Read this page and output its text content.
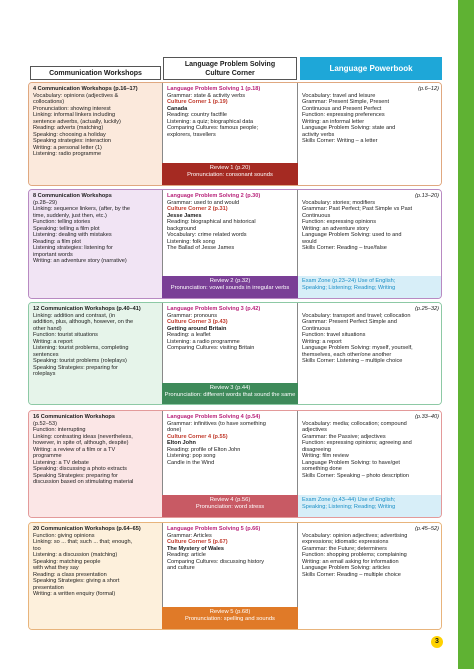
Communication Workshops
Language Problem Solving
Culture Corner
Language Powerbook
4 Communication Workshops (p.16–17)
Vocabulary: opinions (adjectives &
collocations)
Pronunciation: showing interest
Linking: informal linkers including
sentence adverbs, (actually, luckily)
Reading: adverts (matching)
Speaking: choosing a holiday
Speaking strategies: interaction
Writing: a personal letter (1)
Listening: radio programme
Language Problem Solving 1 (p.18)
Grammar: state & activity verbs
Culture Corner 1 (p.19)
Canada
Reading: country factfile
Listening: a quiz; biographical data
Comparing Cultures: famous people;
explorers, travellers
Review 1 (p.20)
Pronunciation: consonant sounds
(p.6–12)
Vocabulary: travel and leisure
Grammar: Present Simple, Present
Continuous and Present Perfect
Function: expressing preferences
Writing: an informal letter
Language Problem Solving: state and
activity verbs
Skills Corner: Writing – a letter
8 Communication Workshops
(p.28–29)
Linking: sequence linkers, (after, by the
time, suddenly, just then, etc.)
Function: telling stories
Speaking: telling a film plot
Listening: dealing with mistakes
Reading: a film plot
Listening strategies: listening for
important words
Writing: an adventure story (narrative)
Language Problem Solving 2 (p.30)
Grammar: used to and would
Culture Corner 2 (p.31)
Jesse James
Reading: biographical and historical
background
Vocabulary: crime related words
Listening: folk song
The Ballad of Jesse James
Review 2 (p.32)
Pronunciation: vowel sounds in irregular verbs
(p.13–20)
Vocabulary: stories; modifiers
Grammar: Past Perfect; Past Simple vs Past
Continuous
Function: expressing opinions
Writing: an adventure story
Language Problem Solving: used to and
would
Skills Corner: Reading – true/false
Exam Zone (p.23–24) Use of English;
Speaking; Listening; Reading; Writing
12 Communication Workshops (p.40–41)
Linking: addition and contrast, (in
addition, plus, although, however, on the
other hand)
Function: tourist situations
Writing: a report
Listening: tourist problems, completing
sentences
Speaking: tourist problems (roleplays)
Speaking Strategies: preparing for
roleplays
Language Problem Solving 3 (p.42)
Grammar: pronouns
Culture Corner 3 (p.43)
Getting around Britain
Reading: a leaflet
Listening: a radio programme
Comparing Cultures: visiting Britain
Review 3 (p.44)
Pronunciation: different words that sound the same
(p.25–32)
Vocabulary: transport and travel; collocation
Grammar: Present Perfect Simple and
Continuous
Function: travel situations
Writing: a report
Language Problem Solving: myself, yourself,
themselves, each other/one another
Skills Corner: Listening – multiple choice
16 Communication Workshops
(p.52–53)
Function: interrupting
Linking: contrasting ideas (nevertheless,
however, in spite of, although, despite)
Writing: a review of a film or a TV
programme
Listening: a TV debate
Speaking: discussing a photo extracts
Speaking Strategies: preparing for
discussion based on stimulating material
Language Problem Solving 4 (p.54)
Grammar: infinitives (to have something
done)
Culture Corner 4 (p.55)
Elton John
Reading: profile of Elton John
Listening: pop song
Candle in the Wind
Review 4 (p.56)
Pronunciation: word stress
(p.33–40)
Vocabulary: media; collocation; compound
adjectives
Grammar: the Passive; adjectives
Function: expressing opinions; agreeing and
disagreeing
Writing: film review
Language Problem Solving: to have/get
something done
Skills Corner: Speaking – photo description
Exam Zone (p.43–44) Use of English;
Speaking; Listening; Reading; Writing
20 Communication Workshops (p.64–65)
Function: giving opinions
Linking: so ... that; such ... that; enough,
too
Listening: a discussion (matching)
Speaking: matching people
with what they say
Reading: a class presentation
Speaking Strategies: giving a short
presentation
Writing: a written enquiry (formal)
Language Problem Solving 5 (p.66)
Grammar: Articles
Culture Corner 5 (p.67)
The Mystery of Wales
Reading: article
Comparing Cultures: discussing history
and culture
Review 5 (p.68)
Pronunciation: spelling and sounds
(p.45–52)
Vocabulary: opinion adjectives; advertising
expressions; idiomatic expressions
Grammar: the Future; determiners
Function: shopping problems; complaining
Writing: an email asking for information
Language Problem Solving: articles
Skills Corner: Reading – multiple choice
3
